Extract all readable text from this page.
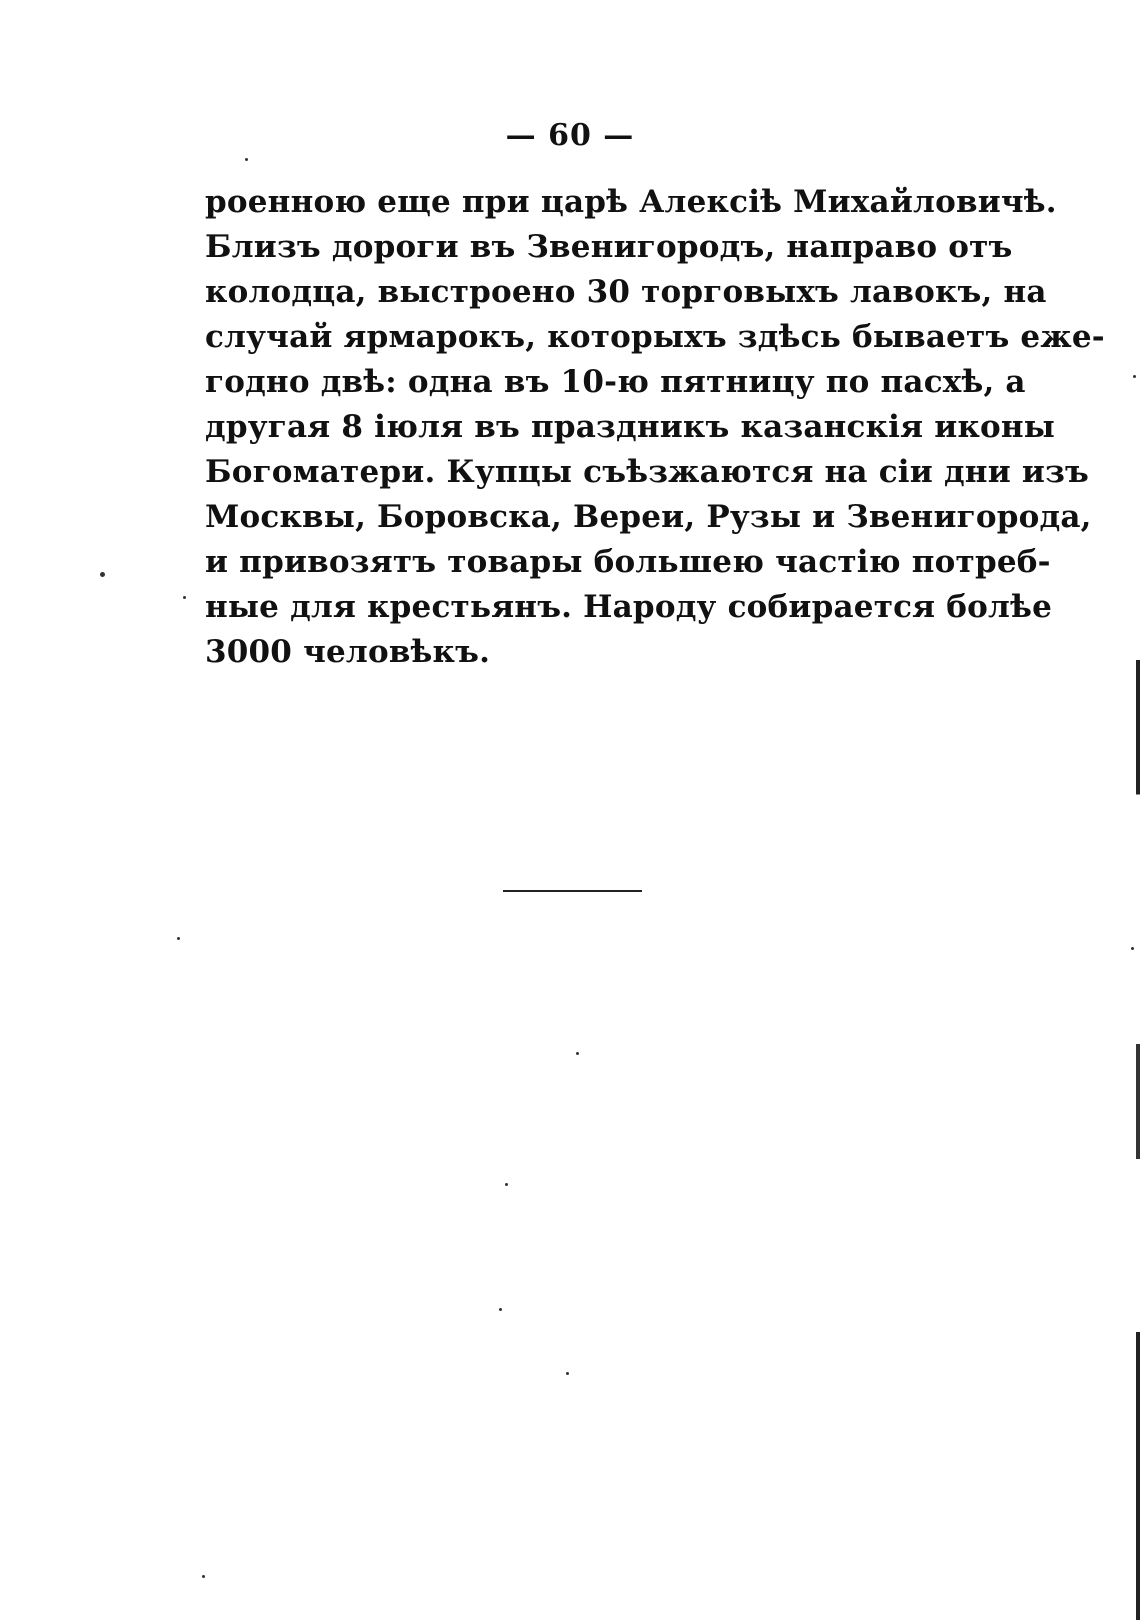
— 60 —
роенною еще при царѣ Алексіѣ Михайловичѣ.
Близъ дороги въ Звенигородъ, направо отъ
колодца, выстроено 30 торговыхъ лавокъ, на
случай ярмарокъ, которыхъ здѣсь бываетъ еже-
годно двѣ: одна въ 10-ю пятницу по пасхѣ, а
другая 8 іюля въ праздникъ казанскія иконы
Богоматери. Купцы съѣзжаются на сіи дни изъ
Москвы, Боровска, Вереи, Рузы и Звенигорода,
и привозятъ товары большею частію потреб-
ные для крестьянъ. Народу собирается болѣе
3000 человѣкъ.
